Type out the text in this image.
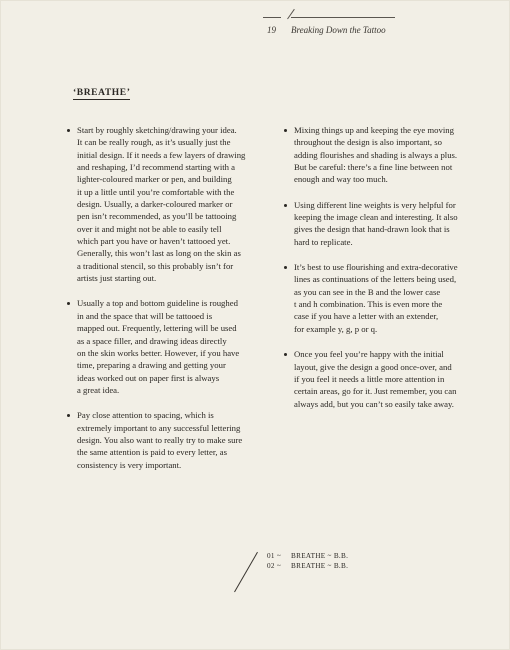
19 Breaking Down the Tattoo
‘BREATHE’

Start by roughly sketching/drawing your idea.
It can be really rough, as it’s usually just the
initial design. If it needs a few layers of drawing
and reshaping, I’d recommend starting with a
lighter-coloured marker or pen, and building
it up a little until you’re comfortable with the
design. Usually, a darker-coloured marker or
pen isn’t recommended, as you’ll be tattooing
over it and might not be able to easily tell
which part you have or haven’t tattooed yet.
Generally, this won’t last as long on the skin as
a traditional stencil, so this probably isn’t for
artists just starting out.

Usually a top and bottom guideline is roughed
in and the space that will be tattooed is
mapped out. Frequently, lettering will be used
as a space filler, and drawing ideas directly
on the skin works better. However, if you have
time, preparing a drawing and getting your
ideas worked out on paper first is always
a great idea.

Pay close attention to spacing, which is
extremely important to any successful lettering
design. You also want to really try to make sure
the same attention is paid to every letter, as
consistency is very important.

Mixing things up and keeping the eye moving
throughout the design is also important, so
adding flourishes and shading is always a plus.
But be careful: there’s a fine line between not
enough and way too much.

Using different line weights is very helpful for
keeping the image clean and interesting. It also
gives the design that hand-drawn look that is
hard to replicate.

It’s best to use flourishing and extra-decorative
lines as continuations of the letters being used,
as you can see in the B and the lower case
t and h combination. This is even more the
case if you have a letter with an extender,
for example y, g, p or q.

Once you feel you’re happy with the initial
layout, give the design a good once-over, and
if you feel it needs a little more attention in
certain areas, go for it. Just remember, you can
always add, but you can’t so easily take away.

01 ~ BREATHE ~ B.B.
02 ~ BREATHE ~ B.B.
